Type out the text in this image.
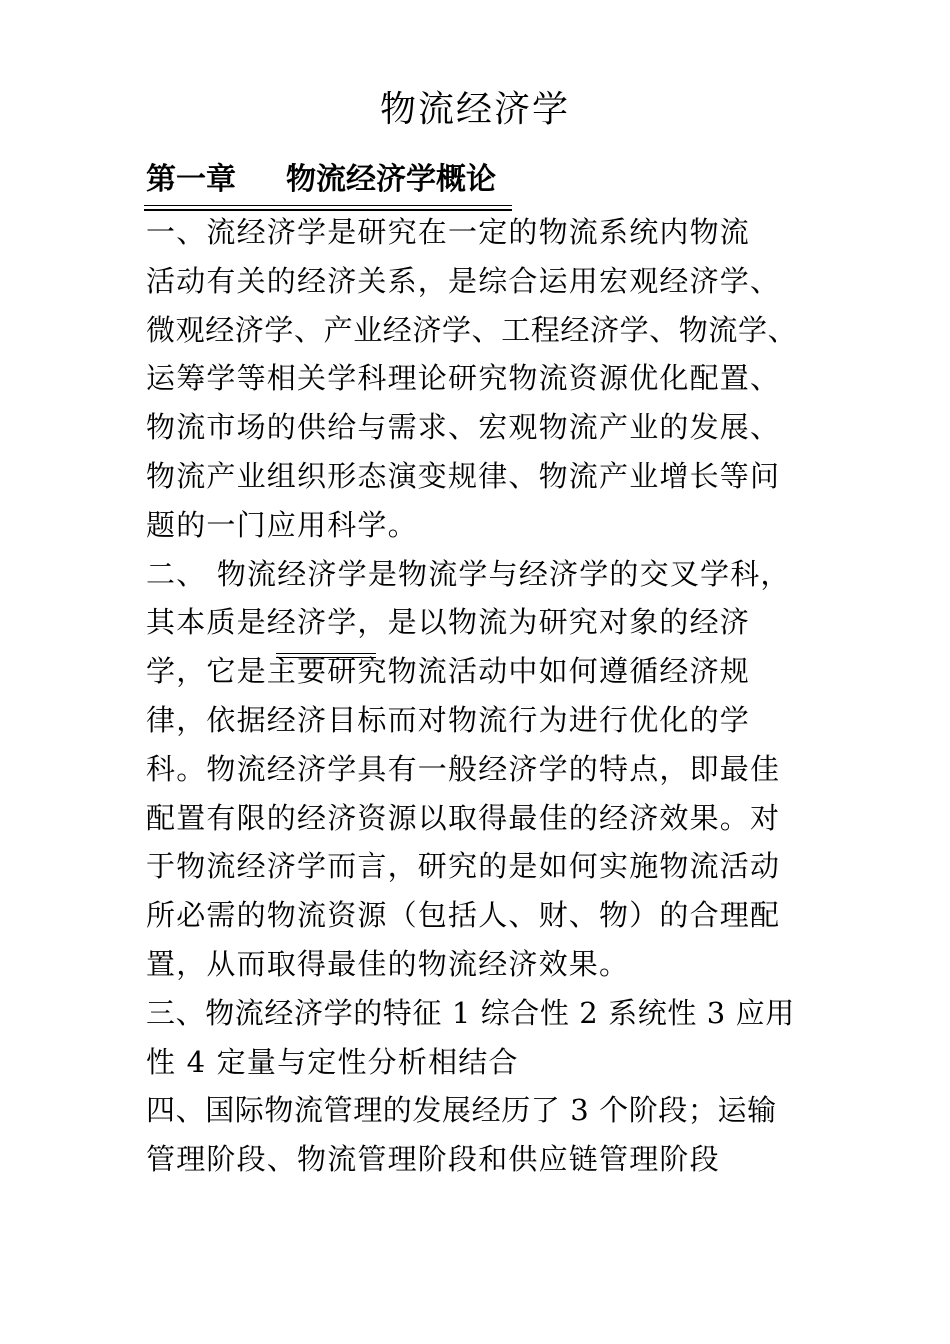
物流经济学
第一章 物流经济学概论
一、流经济学是研究在一定的物流系统内物流
活动有关的经济关系，是综合运用宏观经济学、
微观经济学、产业经济学、工程经济学、物流学、
运筹学等相关学科理论研究物流资源优化配置、
物流市场的供给与需求、宏观物流产业的发展、
物流产业组织形态演变规律、物流产业增长等问
题的一门应用科学。
二、 物流经济学是物流学与经济学的交叉学科，
其本质是经济学，是以物流为研究对象的经济
学，它是主要研究物流活动中如何遵循经济规
律，依据经济目标而对物流行为进行优化的学
科。物流经济学具有一般经济学的特点，即最佳
配置有限的经济资源以取得最佳的经济效果。对
于物流经济学而言，研究的是如何实施物流活动
所必需的物流资源（包括人、财、物）的合理配
置，从而取得最佳的物流经济效果。
三、物流经济学的特征 1 综合性 2 系统性 3 应用
性 4 定量与定性分析相结合
四、国际物流管理的发展经历了 3 个阶段；运输
管理阶段、物流管理阶段和供应链管理阶段
